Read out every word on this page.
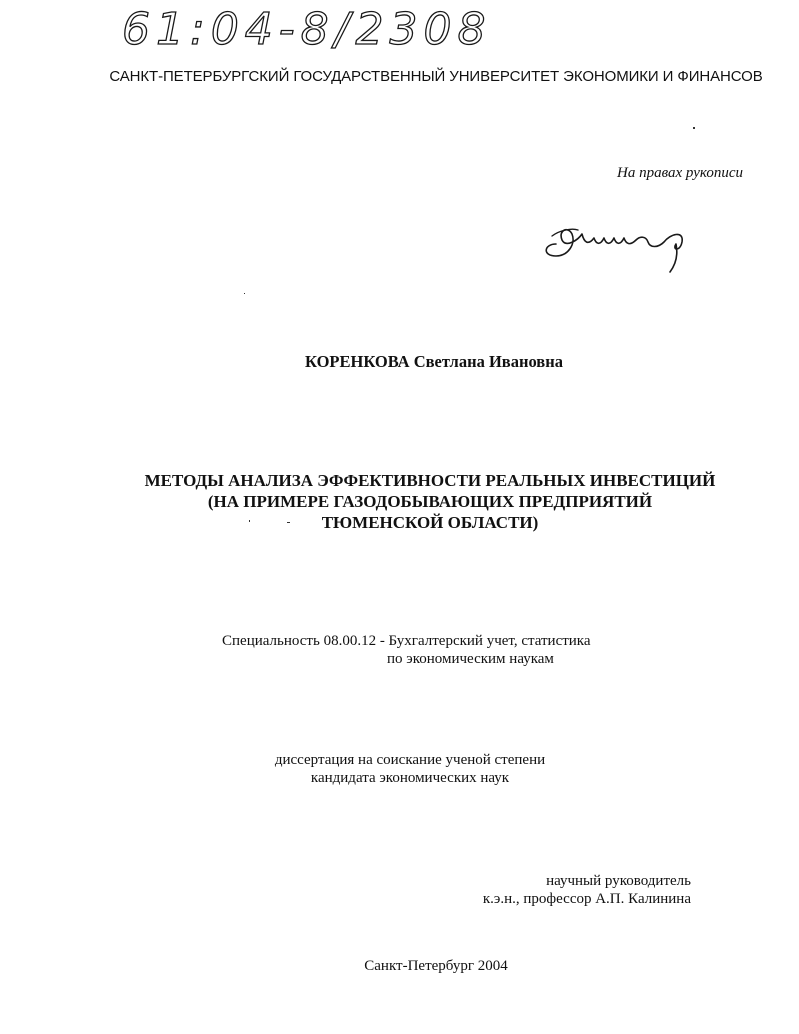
61:04-8/2308
САНКТ-ПЕТЕРБУРГСКИЙ ГОСУДАРСТВЕННЫЙ УНИВЕРСИТЕТ ЭКОНОМИКИ И ФИНАНСОВ
На правах рукописи
КОРЕНКОВА Светлана Ивановна
МЕТОДЫ АНАЛИЗА ЭФФЕКТИВНОСТИ РЕАЛЬНЫХ ИНВЕСТИЦИЙ
(НА ПРИМЕРЕ ГАЗОДОБЫВАЮЩИХ ПРЕДПРИЯТИЙ
ТЮМЕНСКОЙ ОБЛАСТИ)
Специальность 08.00.12 - Бухгалтерский учет, статистика
по экономическим наукам
диссертация на соискание ученой степени
кандидата экономических наук
научный руководитель
к.э.н., профессор А.П. Калинина
Санкт-Петербург 2004
